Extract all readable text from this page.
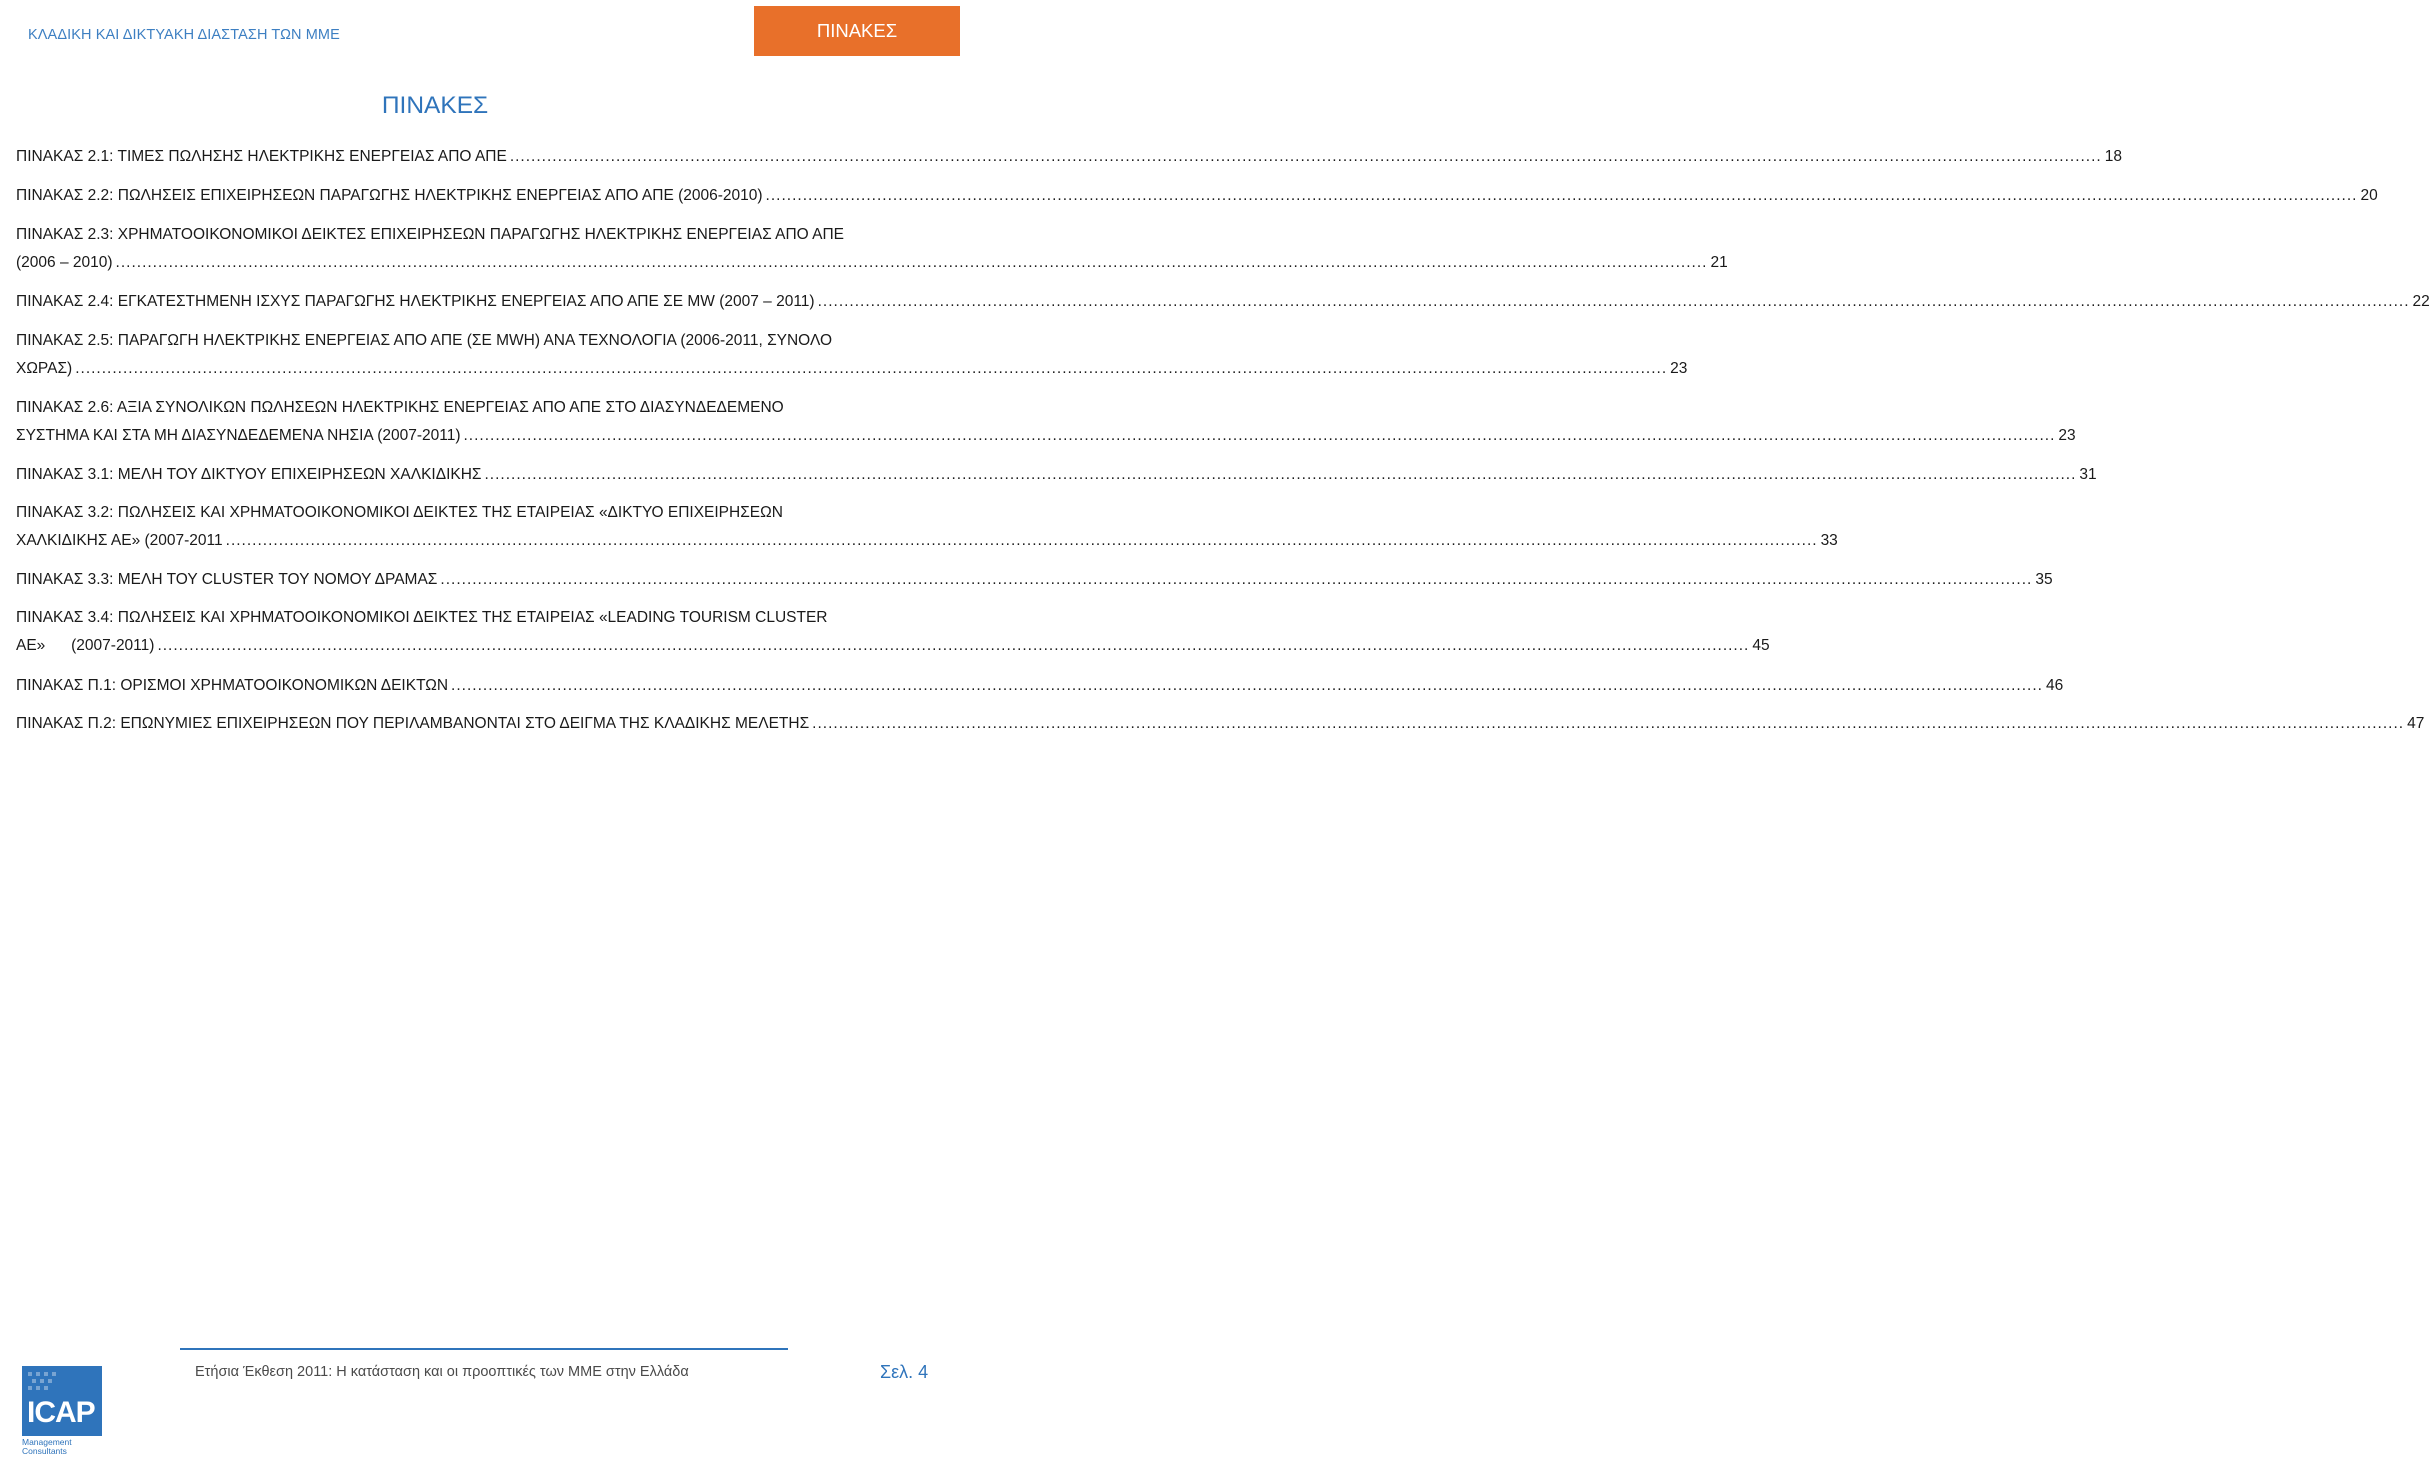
ΚΛΑΔΙΚΗ ΚΑΙ ΔΙΚΤΥΑΚΗ ΔΙΑΣΤΑΣΗ ΤΩΝ ΜΜΕ	ΠΙΝΑΚΕΣ
ΠΙΝΑΚΕΣ
ΠΙΝΑΚΑΣ 2.1: ΤΙΜΕΣ ΠΩΛΗΣΗΣ ΗΛΕΚΤΡΙΚΗΣ ΕΝΕΡΓΕΙΑΣ ΑΠΟ ΑΠΕ ............................................................................................................................................................................................................................................................................................................ 18
ΠΙΝΑΚΑΣ 2.2: ΠΩΛΗΣΕΙΣ ΕΠΙΧΕΙΡΗΣΕΩΝ ΠΑΡΑΓΩΓΗΣ ΗΛΕΚΤΡΙΚΗΣ ΕΝΕΡΓΕΙΑΣ ΑΠΟ ΑΠΕ (2006-2010) ............................................................................................................................................................................................................................................................................................................ 20
ΠΙΝΑΚΑΣ 2.3: ΧΡΗΜΑΤΟΟΙΚΟΝΟΜΙΚΟΙ ΔΕΙΚΤΕΣ ΕΠΙΧΕΙΡΗΣΕΩΝ ΠΑΡΑΓΩΓΗΣ ΗΛΕΚΤΡΙΚΗΣ ΕΝΕΡΓΕΙΑΣ ΑΠΟ ΑΠΕ
(2006 – 2010) ............................................................................................................................................................................................................................................................................................................ 21
ΠΙΝΑΚΑΣ 2.4: ΕΓΚΑΤΕΣΤΗΜΕΝΗ ΙΣΧΥΣ ΠΑΡΑΓΩΓΗΣ ΗΛΕΚΤΡΙΚΗΣ ΕΝΕΡΓΕΙΑΣ ΑΠΟ ΑΠΕ ΣΕ MW (2007 – 2011) ............................................................................................................................................................................................................................................................................................................ 22
ΠΙΝΑΚΑΣ 2.5: ΠΑΡΑΓΩΓΗ ΗΛΕΚΤΡΙΚΗΣ ΕΝΕΡΓΕΙΑΣ ΑΠΟ ΑΠΕ (ΣΕ MWH) ΑΝΑ ΤΕΧΝΟΛΟΓΙΑ (2006-2011, ΣΥΝΟΛΟ
ΧΩΡΑΣ) ............................................................................................................................................................................................................................................................................................................ 23
ΠΙΝΑΚΑΣ 2.6: ΑΞΙΑ ΣΥΝΟΛΙΚΩΝ ΠΩΛΗΣΕΩΝ ΗΛΕΚΤΡΙΚΗΣ ΕΝΕΡΓΕΙΑΣ ΑΠΟ ΑΠΕ ΣΤΟ ΔΙΑΣΥΝΔΕΔΕΜΕΝΟ
ΣΥΣΤΗΜΑ ΚΑΙ ΣΤΑ ΜΗ ΔΙΑΣΥΝΔΕΔΕΜΕΝΑ ΝΗΣΙΑ (2007-2011) ............................................................................................................................................................................................................................................................................................................ 23
ΠΙΝΑΚΑΣ 3.1: ΜΕΛΗ ΤΟΥ ΔΙΚΤΥΟΥ ΕΠΙΧΕΙΡΗΣΕΩΝ ΧΑΛΚΙΔΙΚΗΣ ............................................................................................................................................................................................................................................................................................................ 31
ΠΙΝΑΚΑΣ 3.2: ΠΩΛΗΣΕΙΣ ΚΑΙ ΧΡΗΜΑΤΟΟΙΚΟΝΟΜΙΚΟΙ ΔΕΙΚΤΕΣ ΤΗΣ ΕΤΑΙΡΕΙΑΣ «ΔΙΚΤΥΟ ΕΠΙΧΕΙΡΗΣΕΩΝ
ΧΑΛΚΙΔΙΚΗΣ ΑΕ» (2007-2011 ............................................................................................................................................................................................................................................................................................................ 33
ΠΙΝΑΚΑΣ 3.3: ΜΕΛΗ ΤΟΥ CLUSTER ΤΟΥ ΝΟΜΟΥ ΔΡΑΜΑΣ ............................................................................................................................................................................................................................................................................................................ 35
ΠΙΝΑΚΑΣ 3.4: ΠΩΛΗΣΕΙΣ ΚΑΙ ΧΡΗΜΑΤΟΟΙΚΟΝΟΜΙΚΟΙ ΔΕΙΚΤΕΣ ΤΗΣ ΕΤΑΙΡΕΙΑΣ «LEADING TOURISM CLUSTER
ΑΕ»      (2007-2011) ............................................................................................................................................................................................................................................................................................................ 45
ΠΙΝΑΚΑΣ Π.1: ΟΡΙΣΜΟΙ ΧΡΗΜΑΤΟΟΙΚΟΝΟΜΙΚΩΝ ΔΕΙΚΤΩΝ ............................................................................................................................................................................................................................................................................................................ 46
ΠΙΝΑΚΑΣ Π.2: ΕΠΩΝΥΜΙΕΣ ΕΠΙΧΕΙΡΗΣΕΩΝ ΠΟΥ ΠΕΡΙΛΑΜΒΑΝΟΝΤΑΙ ΣΤΟ ΔΕΙΓΜΑ ΤΗΣ ΚΛΑΔΙΚΗΣ ΜΕΛΕΤΗΣ ............................................................................................................................................................................................................................................................................................................ 47
Ετήσια Έκθεση 2011: Η κατάσταση και οι προοπτικές των ΜΜΕ στην Ελλάδα	Σελ. 4
ICAP
Management
Consultants
